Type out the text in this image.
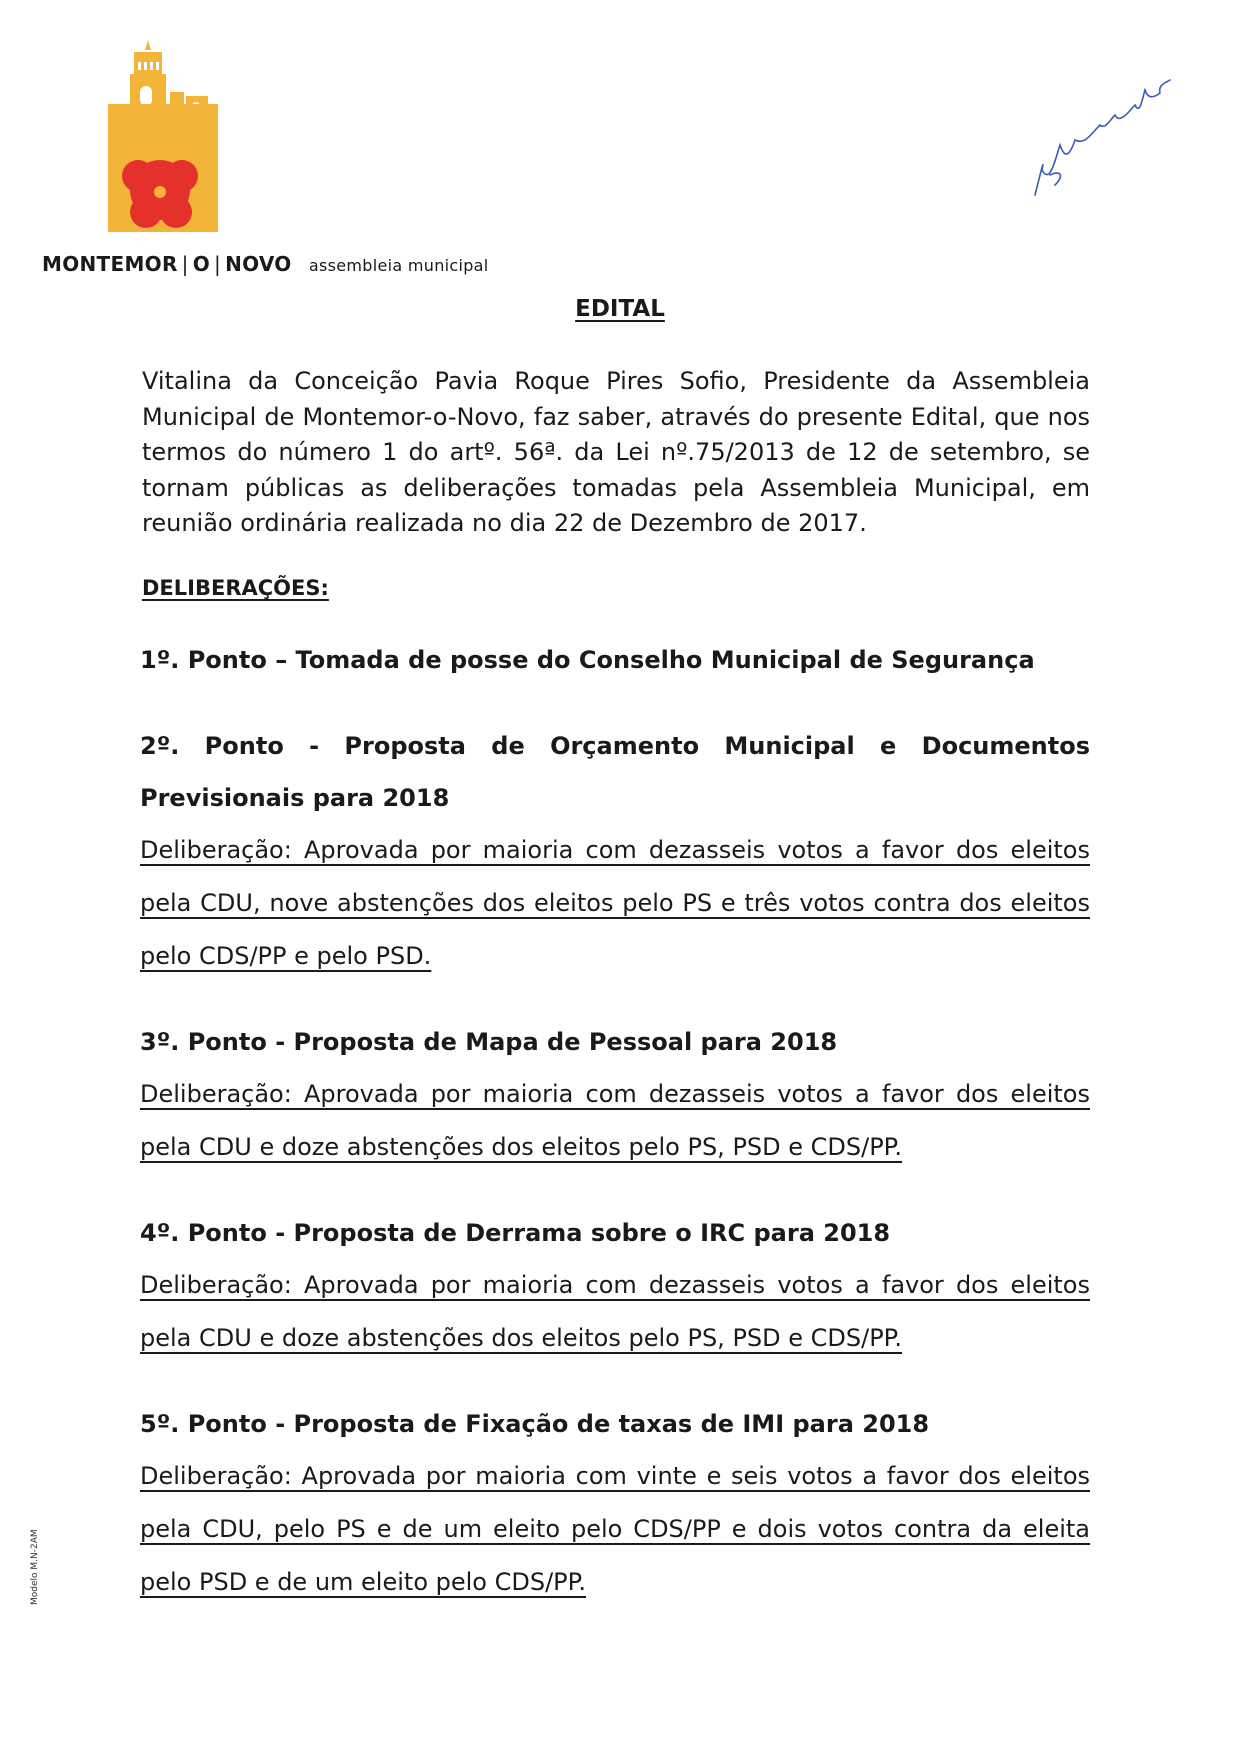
MONTEMOR | O | NOVO assembleia municipal
EDITAL

Vitalina da Conceição Pavia Roque Pires Sofio, Presidente da Assembleia Municipal de Montemor-o-Novo, faz saber, através do presente Edital, que nos termos do número 1 do artº. 56ª. da Lei nº.75/2013 de 12 de setembro, se tornam públicas as deliberações tomadas pela Assembleia Municipal, em reunião ordinária realizada no dia 22 de Dezembro de 2017.

DELIBERAÇÕES:

1º. Ponto – Tomada de posse do Conselho Municipal de Segurança

2º. Ponto - Proposta de Orçamento Municipal e Documentos Previsionais para 2018

Deliberação: Aprovada por maioria com dezasseis votos a favor dos eleitos pela CDU, nove abstenções dos eleitos pelo PS e três votos contra dos eleitos pelo CDS/PP e pelo PSD.

3º. Ponto - Proposta de Mapa de Pessoal para 2018

Deliberação: Aprovada por maioria com dezasseis votos a favor dos eleitos pela CDU e doze abstenções dos eleitos pelo PS, PSD e CDS/PP.

4º. Ponto - Proposta de Derrama sobre o IRC para 2018

Deliberação: Aprovada por maioria com dezasseis votos a favor dos eleitos pela CDU e doze abstenções dos eleitos pelo PS, PSD e CDS/PP.

5º. Ponto - Proposta de Fixação de taxas de IMI para 2018

Deliberação: Aprovada por maioria com vinte e seis votos a favor dos eleitos pela CDU, pelo PS e de um eleito pelo CDS/PP e dois votos contra da eleita pelo PSD e de um eleito pelo CDS/PP.

Modelo M.N-2AM
